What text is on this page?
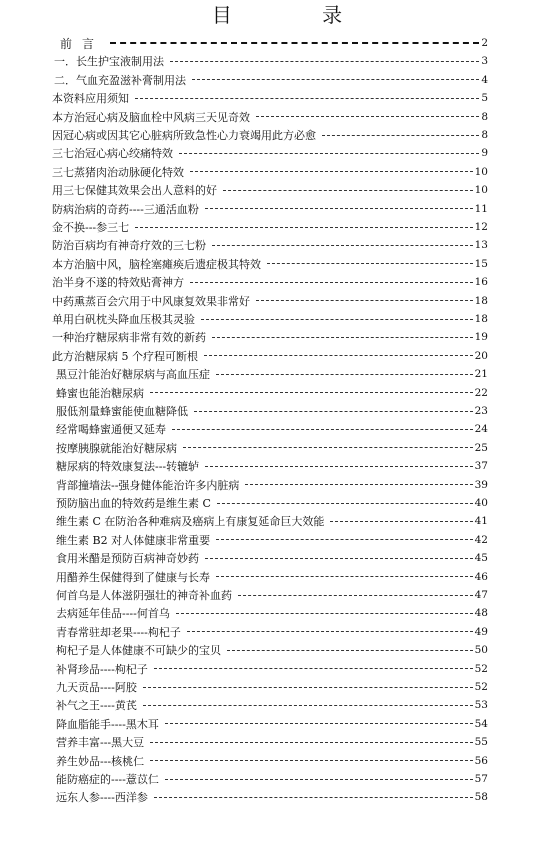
目 录
前言	2
一．长生护宝液制用法	3
二．气血充盈滋补膏制用法	4
本资料应用须知	5
本方治冠心病及脑血栓中风病三天见奇效	8
因冠心病或因其它心脏病所致急性心力衰竭用此方必愈	8
三七治冠心病心绞痛特效	9
三七蒸猪肉治动脉硬化特效	10
用三七保健其效果会出人意料的好	10
防病治病的奇药----三通活血粉	11
金不换---参三七	12
防治百病均有神奇疗效的三七粉	13
本方治脑中风，脑栓塞瘫痪后遗症极其特效	15
治半身不遂的特效贴膏神方	16
中药熏蒸百会穴用于中风康复效果非常好	18
单用白矾枕头降血压极其灵验	18
一种治疗糖尿病非常有效的新药	19
此方治糖尿病 5 个疗程可断根	20
黑豆汁能治好糖尿病与高血压症	21
蜂蜜也能治糖尿病	22
服低剂量蜂蜜能使血糖降低	23
经常喝蜂蜜通便又延寿	24
按摩胰腺就能治好糖尿病	25
糖尿病的特效康复法---转辘轳	37
背部撞墙法--强身健体能治许多内脏病	39
预防脑出血的特效药是维生素 C	40
维生素 C 在防治各种难病及癌病上有康复延命巨大效能	41
维生素 B2 对人体健康非常重要	42
食用米醋是预防百病神奇妙药	45
用醋养生保健得到了健康与长寿	46
何首乌是人体滋阴强壮的神奇补血药	47
去病延年佳品----何首乌	48
青春常驻却老果----枸杞子	49
枸杞子是人体健康不可缺少的宝贝	50
补肾珍品----枸杞子	52
九天贡品----阿胶	52
补气之王----黄芪	53
降血脂能手----黑木耳	54
营养丰富---黑大豆	55
养生妙品---核桃仁	56
能防癌症的----薏苡仁	57
远东人参----西洋参	58
